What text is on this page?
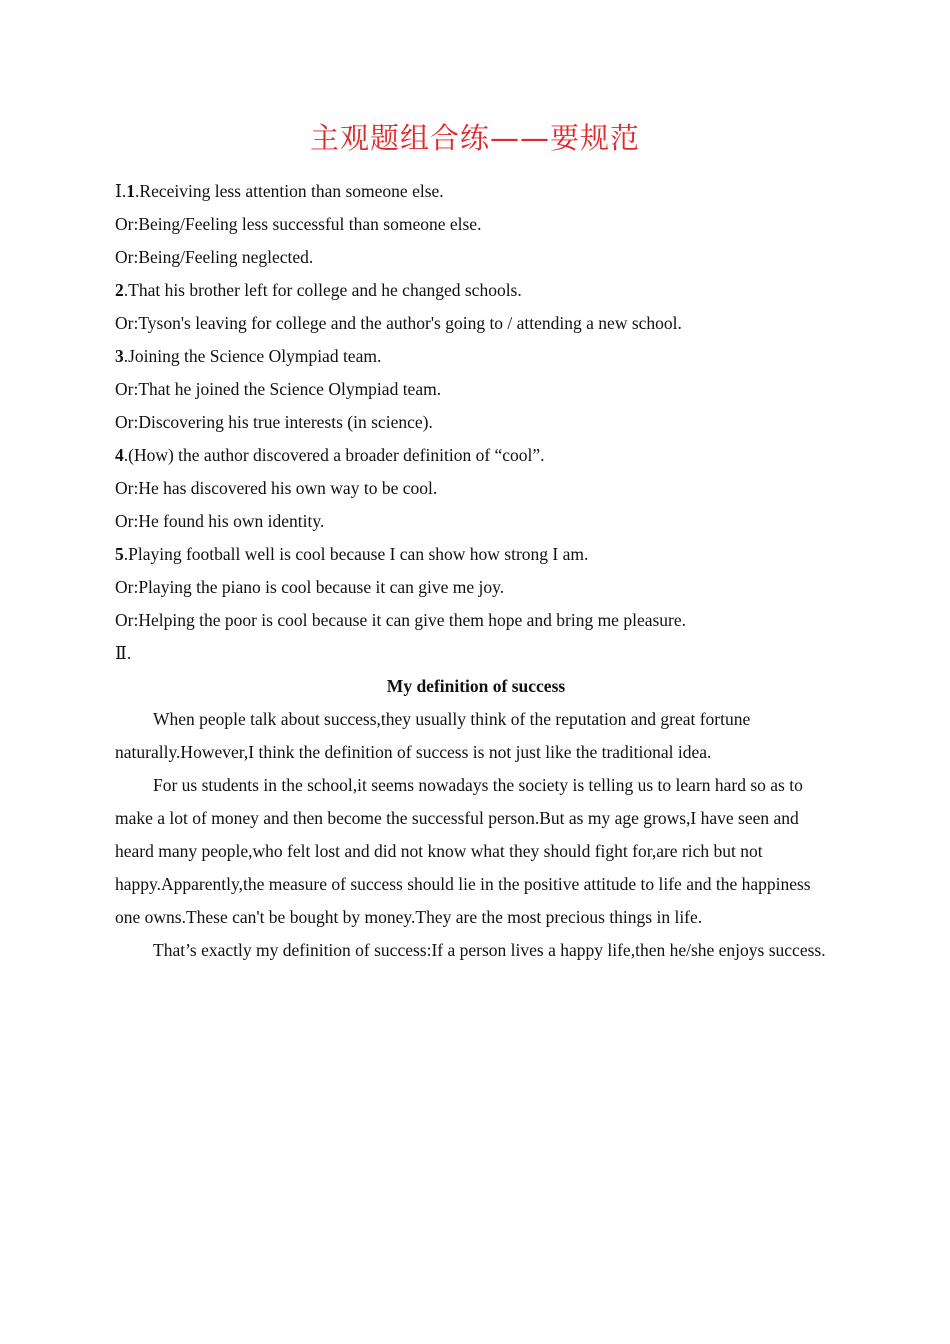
主观题组合练——要规范
Ⅰ.1.Receiving less attention than someone else.
Or:Being/Feeling less successful than someone else.
Or:Being/Feeling neglected.
2.That his brother left for college and he changed schools.
Or:Tyson's leaving for college and the author's going to / attending a new school.
3.Joining the Science Olympiad team.
Or:That he joined the Science Olympiad team.
Or:Discovering his true interests (in science).
4.(How) the author discovered a broader definition of “cool”.
Or:He has discovered his own way to be cool.
Or:He found his own identity.
5.Playing football well is cool because I can show how strong I am.
Or:Playing the piano is cool because it can give me joy.
Or:Helping the poor is cool because it can give them hope and bring me pleasure.
Ⅱ.
My definition of success
When people talk about success,they usually think of the reputation and great fortune naturally.However,I think the definition of success is not just like the traditional idea.
For us students in the school,it seems nowadays the society is telling us to learn hard so as to make a lot of money and then become the successful person.But as my age grows,I have seen and heard many people,who felt lost and did not know what they should fight for,are rich but not happy.Apparently,the measure of success should lie in the positive attitude to life and the happiness one owns.These can't be bought by money.They are the most precious things in life.
That’s exactly my definition of success:If a person lives a happy life,then he/she enjoys success.
